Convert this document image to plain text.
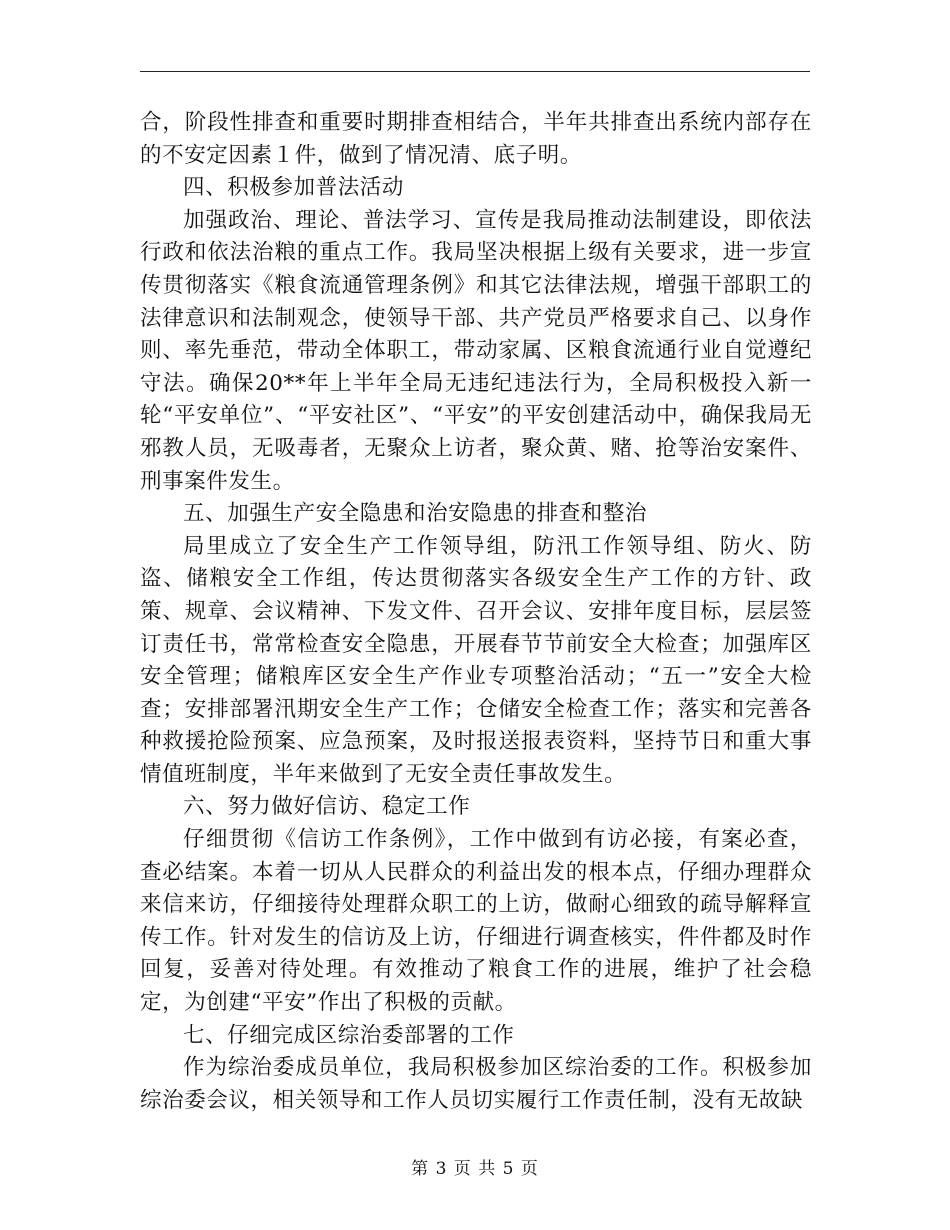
合，阶段性排查和重要时期排查相结合，半年共排查出系统内部存在的不安定因素１件，做到了情况清、底子明。

四、积极参加普法活动

加强政治、理论、普法学习、宣传是我局推动法制建设，即依法行政和依法治粮的重点工作。我局坚决根据上级有关要求，进一步宣传贯彻落实《粮食流通管理条例》和其它法律法规，增强干部职工的法律意识和法制观念，使领导干部、共产党员严格要求自己、以身作则、率先垂范，带动全体职工，带动家属、区粮食流通行业自觉遵纪守法。确保20**年上半年全局无违纪违法行为，全局积极投入新一轮“平安单位”、“平安社区”、“平安”的平安创建活动中，确保我局无邪教人员，无吸毒者，无聚众上访者，聚众黄、赌、抢等治安案件、刑事案件发生。

五、加强生产安全隐患和治安隐患的排查和整治

局里成立了安全生产工作领导组，防汛工作领导组、防火、防盗、储粮安全工作组，传达贯彻落实各级安全生产工作的方针、政策、规章、会议精神、下发文件、召开会议、安排年度目标，层层签订责任书，常常检查安全隐患，开展春节节前安全大检查；加强库区安全管理；储粮库区安全生产作业专项整治活动；“五一”安全大检查；安排部署汛期安全生产工作；仓储安全检查工作；落实和完善各种救援抢险预案、应急预案，及时报送报表资料，坚持节日和重大事情值班制度，半年来做到了无安全责任事故发生。

六、努力做好信访、稳定工作

仔细贯彻《信访工作条例》，工作中做到有访必接，有案必查，查必结案。本着一切从人民群众的利益出发的根本点，仔细办理群众来信来访，仔细接待处理群众职工的上访，做耐心细致的疏导解释宣传工作。针对发生的信访及上访，仔细进行调查核实，件件都及时作回复，妥善对待处理。有效推动了粮食工作的进展，维护了社会稳定，为创建“平安”作出了积极的贡献。

七、仔细完成区综治委部署的工作

作为综治委成员单位，我局积极参加区综治委的工作。积极参加综治委会议，相关领导和工作人员切实履行工作责任制，没有无故缺

第 3 页 共 5 页
